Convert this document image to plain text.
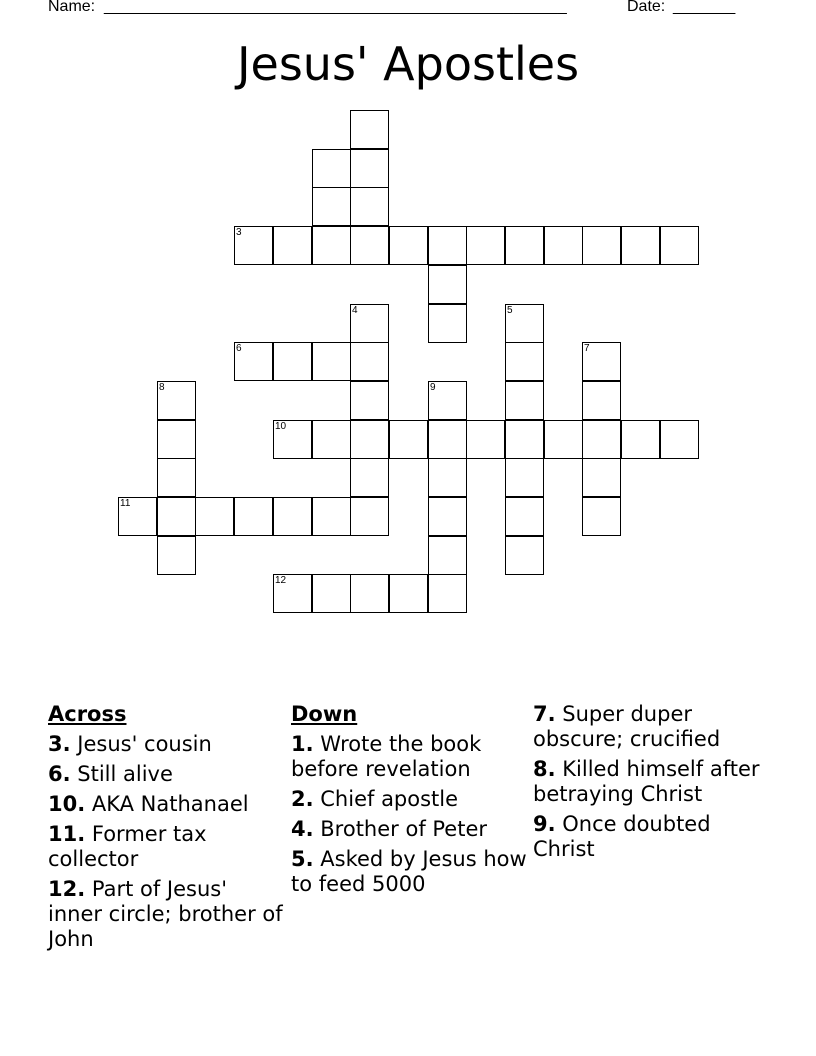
Name: ____________________________________________________	Date: _______
Jesus' Apostles
3
4	5
6	7
8	9
10
11
12
Across
3. Jesus' cousin
6. Still alive
10. AKA Nathanael
11. Former tax collector
12. Part of Jesus' inner circle; brother of John
Down
1. Wrote the book before revelation
2. Chief apostle
4. Brother of Peter
5. Asked by Jesus how to feed 5000
7. Super duper obscure; crucified
8. Killed himself after betraying Christ
9. Once doubted Christ
